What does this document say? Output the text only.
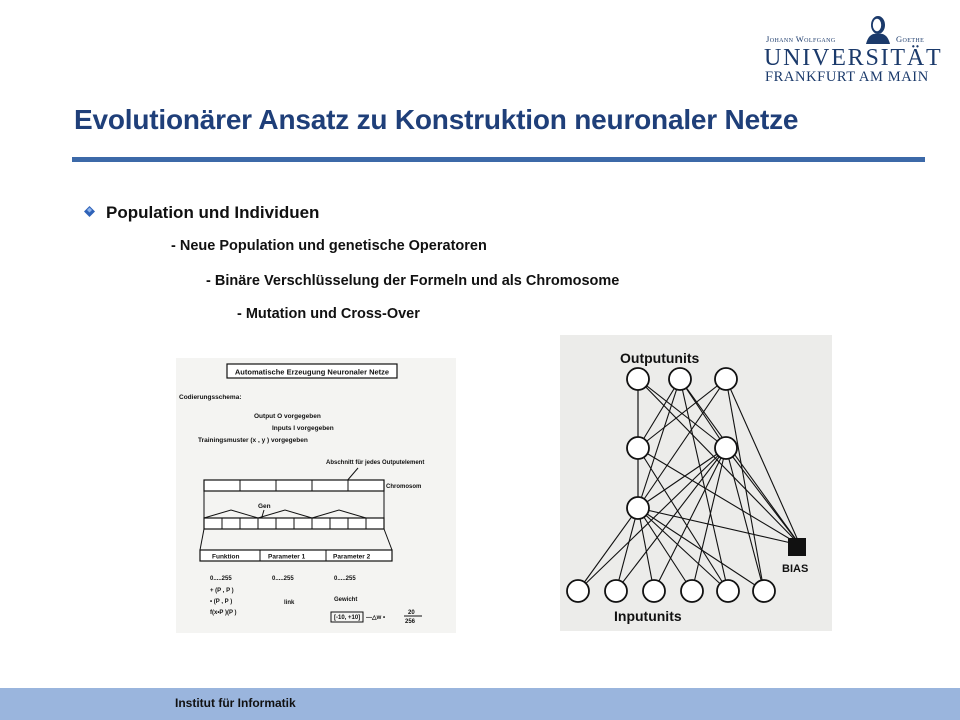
Johann Wolfgang	Goethe
UNIVERSITÄT
FRANKFURT AM MAIN
Evolutionärer Ansatz zu Konstruktion neuronaler Netze
Population und Individuen
- Neue Population und genetische Operatoren
- Binäre Verschlüsselung der Formeln und als Chromosome
- Mutation und Cross-Over
Automatische Erzeugung Neuronaler Netze
Codierungsschema:
Output O vorgegeben
Inputs I vorgegeben
Trainingsmuster (x , y ) vorgegeben
Abschnitt für jedes Outputelement
Chromosom
Gen
Funktion	Parameter 1	Parameter 2
0.....255	0.....255	0.....255
+ (P , P )
• (P , P )
f(x•P )(P )
link	Gewicht
[-10, +10] —△w •
20
256
Outputunits
Inputunits
BIAS
Institut für Informatik
